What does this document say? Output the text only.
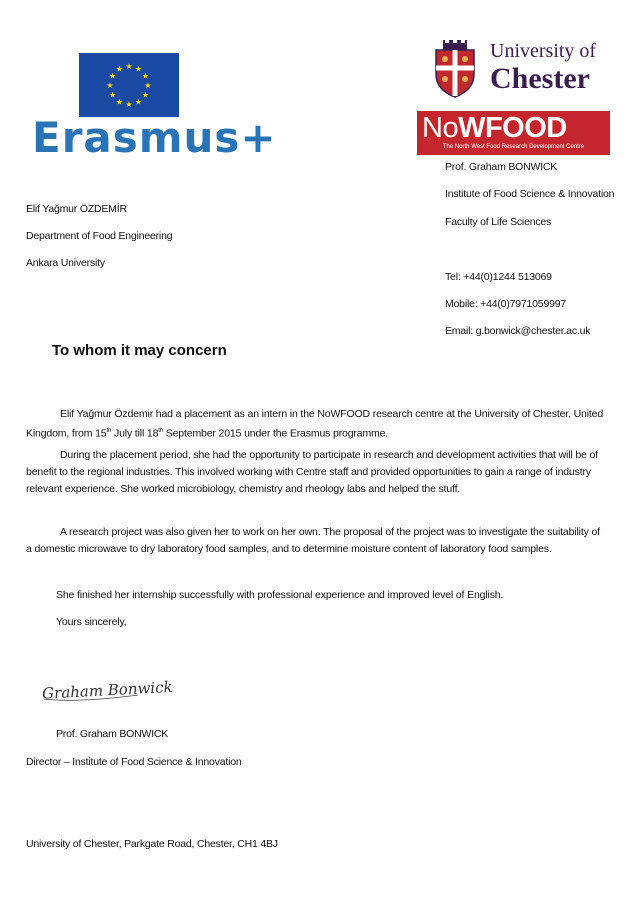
★ ★
★
★
★
★
★
★
★
★
★
★
Erasmus+
University of
Chester
NoWFOOD
The North West Food Research Development Centre
Prof. Graham BONWICK
Institute of Food Science & Innovation
Faculty of Life Sciences
Tel: +44(0)1244 513069
Mobile: +44(0)7971059997
Email: g.bonwick@chester.ac.uk
Elif Yağmur ÖZDEMİR
Department of Food Engineering
Ankara University
To whom it may concern
Elif Yağmur Özdemir had a placement as an intern in the NoWFOOD research centre at the University of Chester, United Kingdom, from 15th July till 18th September 2015 under the Erasmus programme.
During the placement period, she had the opportunity to participate in research and development activities that will be of benefit to the regional industries. This involved working with Centre staff and provided opportunities to gain a range of industry relevant experience. She worked microbiology, chemistry and rheology labs and helped the stuff.
A research project was also given her to work on her own. The proposal of the project was to investigate the suitability of a domestic microwave to dry laboratory food samples, and to determine moisture content of laboratory food samples.
She finished her internship successfully with professional experience and improved level of English.
Yours sincerely,
Graham Bonwick
Prof. Graham BONWICK
Director – Institute of Food Science & Innovation
University of Chester, Parkgate Road, Chester, CH1 4BJ
